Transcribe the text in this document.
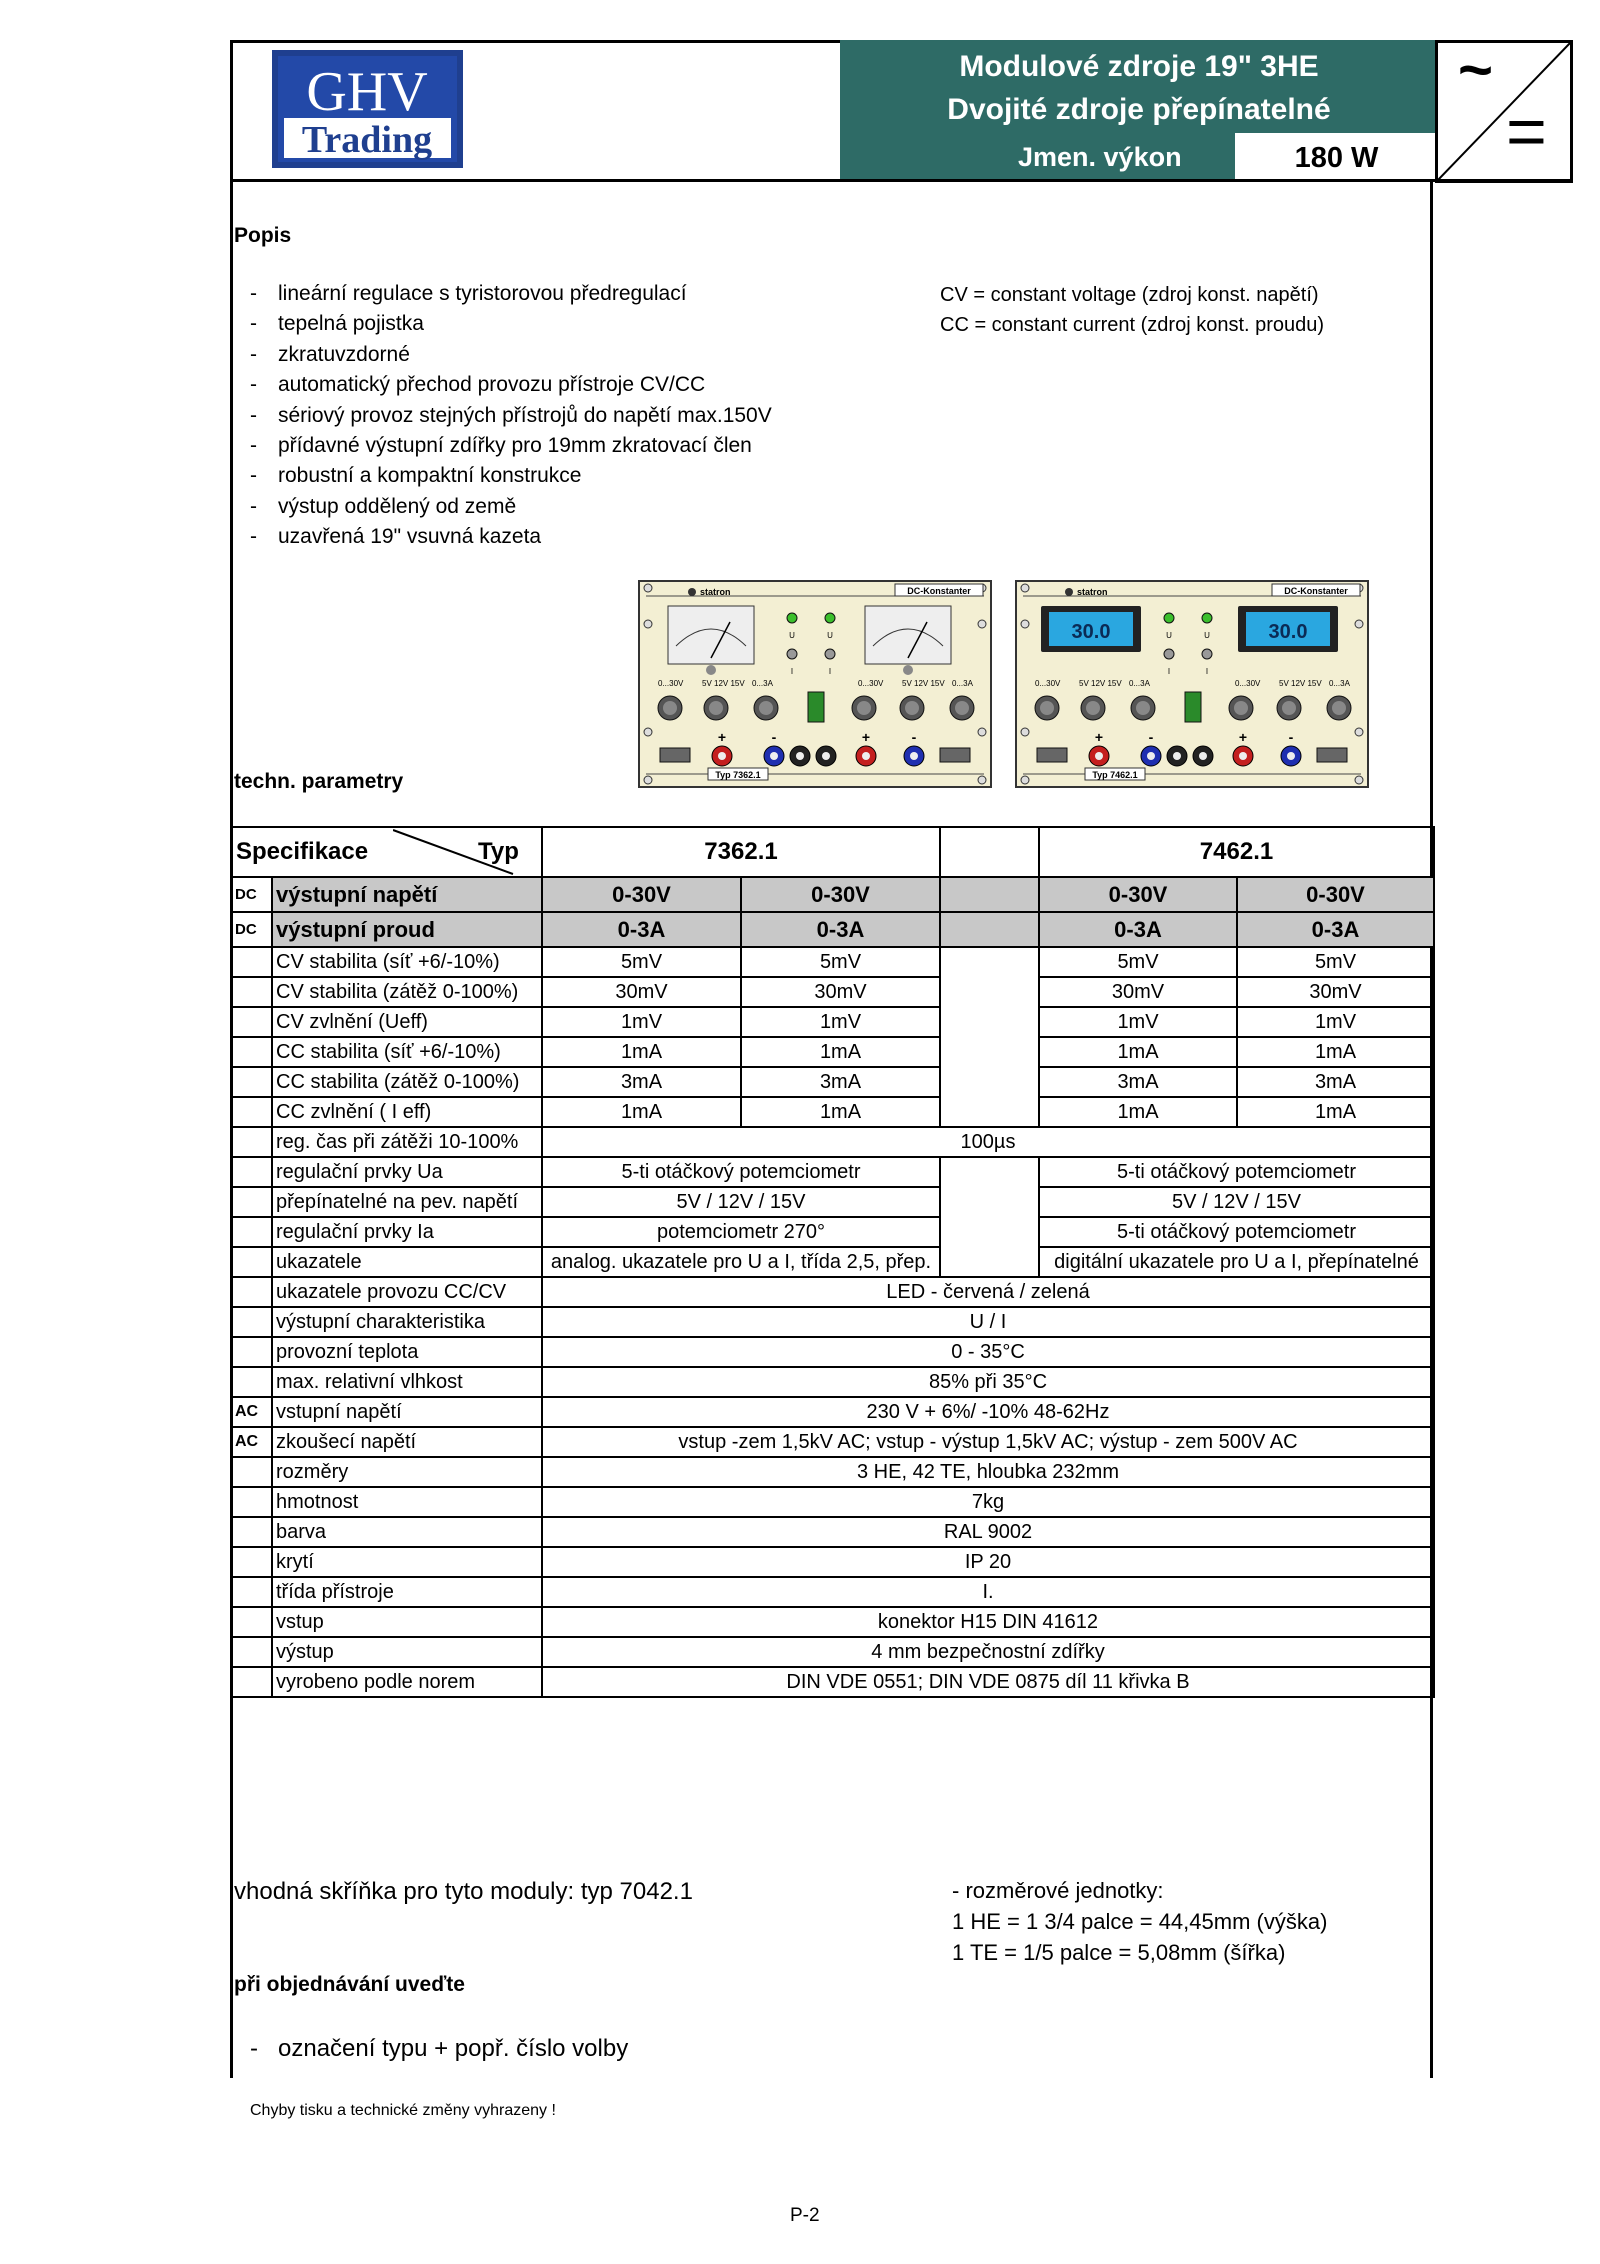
GHV
Trading
Modulové zdroje 19" 3HE
Dvojité zdroje přepínatelné
Jmen. výkon	180 W
~
=
Popis
- lineární regulace s tyristorovou předregulací
- tepelná pojistka
- zkratuvzdorné
- automatický přechod provozu přístroje CV/CC
- sériový provoz stejných přístrojů do napětí max.150V
- přídavné výstupní zdířky pro 19mm zkratovací člen
- robustní a kompaktní konstrukce
- výstup oddělený od země
- uzavřená 19" vsuvná kazeta
CV = constant voltage (zdroj konst. napětí)
CC = constant current (zdroj konst. proudu)
techn. parametry
statron	DC-Konstanter
U
I
U
I
0...30V 5V 12V 15V 0...3A	0...30V 5V 12V 15V 0...3A
+	-	+	-
Typ 7362.1
statron	DC-Konstanter
30.0	30.0
U
I
U
I
0...30V 5V 12V 15V 0...3A	0...30V 5V 12V 15V 0...3A
+	-	+	-
Typ 7462.1
Specifikace Typ		7362.1			7462.1	
DC	výstupní napětí	0-30V	0-30V		0-30V	0-30V
DC	výstupní proud	0-3A	0-3A		0-3A	0-3A
	CV stabilita (síť +6/-10%)	5mV	5mV		5mV	5mV
	CV stabilita (zátěž 0-100%)	30mV	30mV		30mV	30mV
	CV zvlnění (Ueff)	1mV	1mV		1mV	1mV
	CC stabilita (síť +6/-10%)	1mA	1mA		1mA	1mA
	CC stabilita (zátěž 0-100%)	3mA	3mA		3mA	3mA
	CC zvlnění ( I eff)	1mA	1mA		1mA	1mA
	reg. čas při zátěži 10-100%	100µs				
	regulační prvky Ua	5-ti otáčkový potemciometr			5-ti otáčkový potemciometr	
	přepínatelné na pev. napětí	5V / 12V / 15V			5V / 12V / 15V	
	regulační prvky Ia	potemciometr 270°			5-ti otáčkový potemciometr	
	ukazatele	analog. ukazatele pro U a I, třída 2,5, přep.			digitální ukazatele pro U a I, přepínatelné	
	ukazatele provozu CC/CV	LED - červená / zelená				
	výstupní charakteristika	U / I				
	provozní teplota	0 - 35°C				
	max. relativní vlhkost	85% při 35°C				
AC	vstupní napětí	230 V + 6%/ -10% 48-62Hz				
AC	zkoušecí napětí	vstup -zem 1,5kV AC; vstup - výstup 1,5kV AC; výstup - zem 500V AC				
	rozměry	3 HE, 42 TE, hloubka 232mm				
	hmotnost	7kg				
	barva	RAL 9002				
	krytí	IP 20				
	třída přístroje	I.				
	vstup	konektor H15 DIN 41612				
	výstup	4 mm bezpečnostní zdířky				
	vyrobeno podle norem	DIN VDE 0551; DIN VDE 0875 díl 11 křivka B				
vhodná skříňka pro tyto moduly: typ 7042.1	- rozměrové jednotky:
1 HE = 1 3/4 palce = 44,45mm (výška)
1 TE = 1/5 palce = 5,08mm (šířka)
při objednávání uveďte
- označení typu + popř. číslo volby
Chyby tisku a technické změny vyhrazeny !
P-2
